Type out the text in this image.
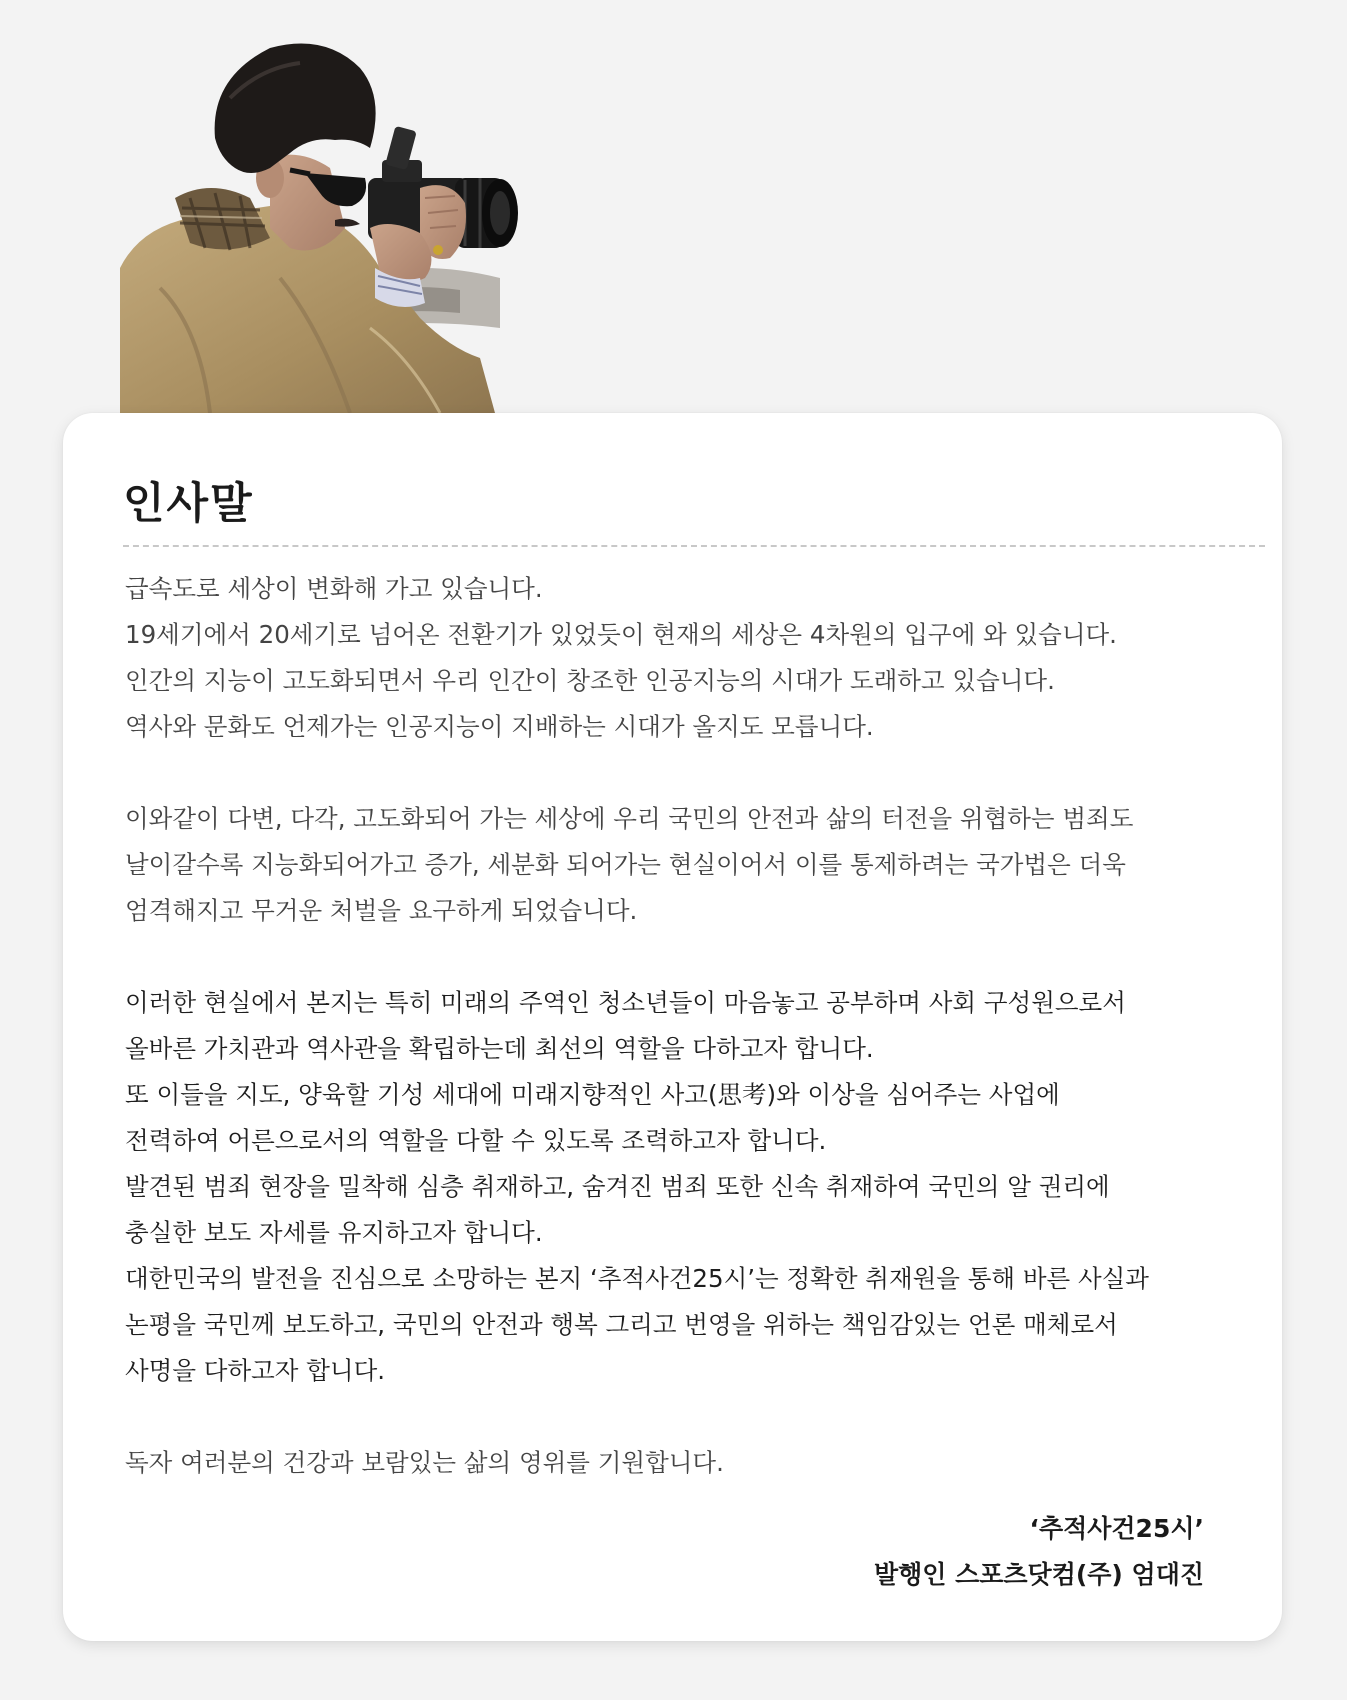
인사말

급속도로 세상이 변화해 가고 있습니다.

19세기에서 20세기로 넘어온 전환기가 있었듯이 현재의 세상은 4차원의 입구에 와 있습니다.

인간의 지능이 고도화되면서 우리 인간이 창조한 인공지능의 시대가 도래하고 있습니다.

역사와 문화도 언제가는 인공지능이 지배하는 시대가 올지도 모릅니다.

이와같이 다변, 다각, 고도화되어 가는 세상에 우리 국민의 안전과 삶의 터전을 위협하는 범죄도

날이갈수록 지능화되어가고 증가, 세분화 되어가는 현실이어서 이를 통제하려는 국가법은 더욱

엄격해지고 무거운 처벌을 요구하게 되었습니다.

이러한 현실에서 본지는 특히 미래의 주역인 청소년들이 마음놓고 공부하며 사회 구성원으로서

올바른 가치관과 역사관을 확립하는데 최선의 역할을 다하고자 합니다.

또 이들을 지도, 양육할 기성 세대에 미래지향적인 사고(思考)와 이상을 심어주는 사업에

전력하여 어른으로서의 역할을 다할 수 있도록 조력하고자 합니다.

발견된 범죄 현장을 밀착해 심층 취재하고, 숨겨진 범죄 또한 신속 취재하여 국민의 알 권리에

충실한 보도 자세를 유지하고자 합니다.

대한민국의 발전을 진심으로 소망하는 본지 ‘추적사건25시’는 정확한 취재원을 통해 바른 사실과

논평을 국민께 보도하고, 국민의 안전과 행복 그리고 번영을 위하는 책임감있는 언론 매체로서

사명을 다하고자 합니다.

독자 여러분의 건강과 보람있는 삶의 영위를 기원합니다.

‘추적사건25시’

발행인 스포츠닷컴(주) 엄대진
